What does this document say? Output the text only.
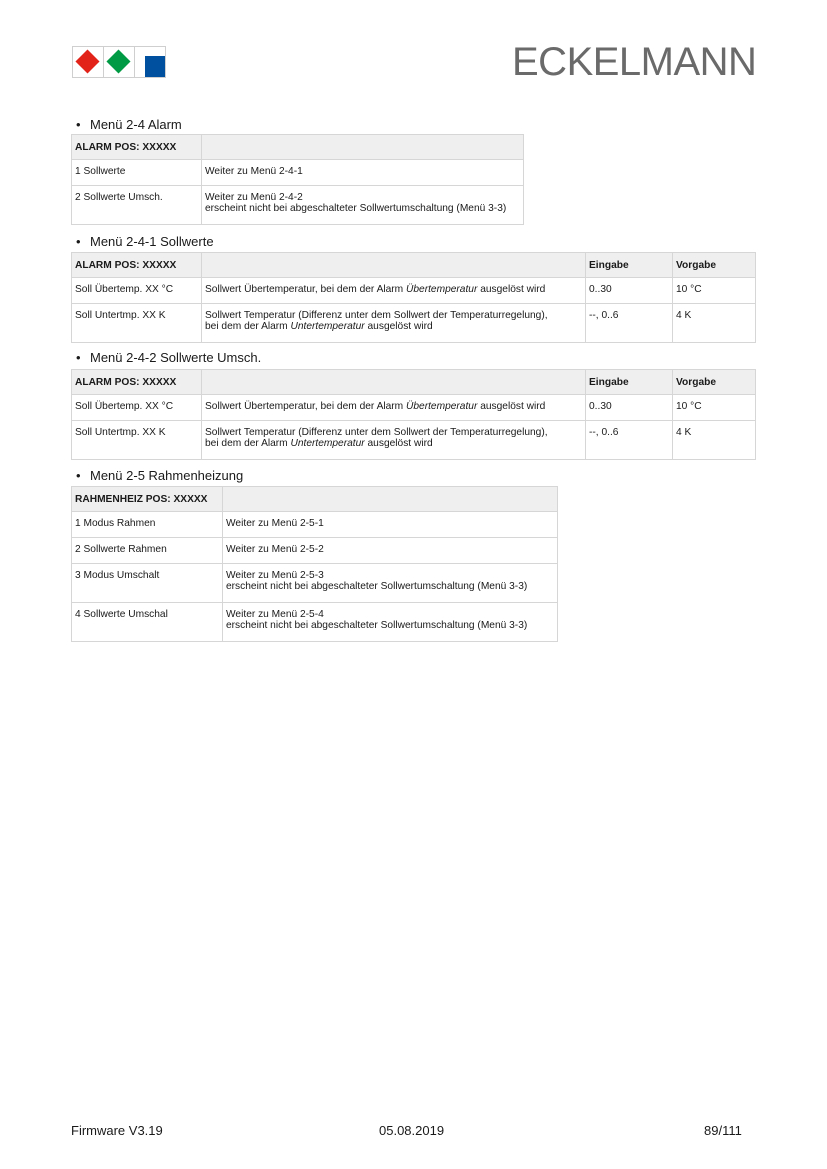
ECKELMANN
• Menü 2-4 Alarm
ALARM POS: XXXXX	
1 Sollwerte	Weiter zu Menü 2-4-1
2 Sollwerte Umsch.	Weiter zu Menü 2-4-2
erscheint nicht bei abgeschalteter Sollwertumschaltung (Menü 3-3)
• Menü 2-4-1 Sollwerte
ALARM POS: XXXXX		Eingabe	Vorgabe
Soll Übertemp. XX °C	Sollwert Übertemperatur, bei dem der Alarm Übertemperatur ausgelöst wird	0..30	10 °C
Soll Untertmp. XX K	Sollwert Temperatur (Differenz unter dem Sollwert der Temperaturregelung),
bei dem der Alarm Untertemperatur ausgelöst wird	--, 0..6	4 K
• Menü 2-4-2 Sollwerte Umsch.
ALARM POS: XXXXX		Eingabe	Vorgabe
Soll Übertemp. XX °C	Sollwert Übertemperatur, bei dem der Alarm Übertemperatur ausgelöst wird	0..30	10 °C
Soll Untertmp. XX K	Sollwert Temperatur (Differenz unter dem Sollwert der Temperaturregelung),
bei dem der Alarm Untertemperatur ausgelöst wird	--, 0..6	4 K
• Menü 2-5 Rahmenheizung
RAHMENHEIZ POS: XXXXX	
1 Modus Rahmen	Weiter zu Menü 2-5-1
2 Sollwerte Rahmen	Weiter zu Menü 2-5-2
3 Modus Umschalt	Weiter zu Menü 2-5-3
erscheint nicht bei abgeschalteter Sollwertumschaltung (Menü 3-3)

4 Sollwerte Umschal	Weiter zu Menü 2-5-4
erscheint nicht bei abgeschalteter Sollwertumschaltung (Menü 3-3)
Firmware V3.19	05.08.2019	89/111
